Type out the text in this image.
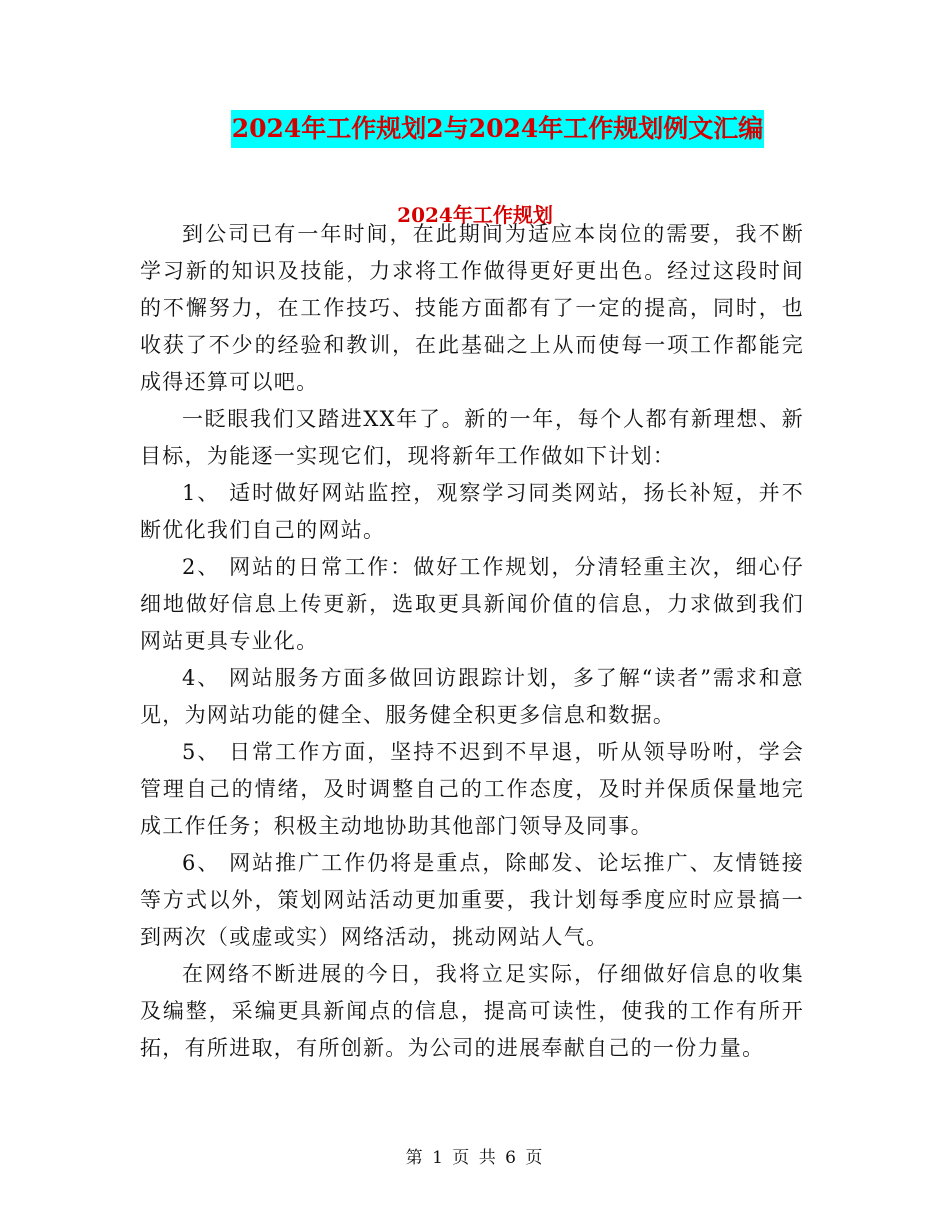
2024年工作规划2与2024年工作规划例文汇编
2024年工作规划

到公司已有一年时间，在此期间为适应本岗位的需要，我不断学习新的知识及技能，力求将工作做得更好更出色。经过这段时间的不懈努力，在工作技巧、技能方面都有了一定的提高，同时，也收获了不少的经验和教训，在此基础之上从而使每一项工作都能完成得还算可以吧。

一眨眼我们又踏进XX年了。新的一年，每个人都有新理想、新目标，为能逐一实现它们，现将新年工作做如下计划：

1、 适时做好网站监控，观察学习同类网站，扬长补短，并不断优化我们自己的网站。

2、 网站的日常工作：做好工作规划，分清轻重主次，细心仔细地做好信息上传更新，选取更具新闻价值的信息，力求做到我们网站更具专业化。

4、 网站服务方面多做回访跟踪计划，多了解“读者”需求和意见，为网站功能的健全、服务健全积更多信息和数据。

5、 日常工作方面，坚持不迟到不早退，听从领导吩咐，学会管理自己的情绪，及时调整自己的工作态度，及时并保质保量地完成工作任务；积极主动地协助其他部门领导及同事。

6、 网站推广工作仍将是重点，除邮发、论坛推广、友情链接等方式以外，策划网站活动更加重要，我计划每季度应时应景搞一到两次（或虚或实）网络活动，挑动网站人气。

在网络不断进展的今日，我将立足实际，仔细做好信息的收集及编整，采编更具新闻点的信息，提高可读性，使我的工作有所开拓，有所进取，有所创新。为公司的进展奉献自己的一份力量。

第 1 页 共 6 页
